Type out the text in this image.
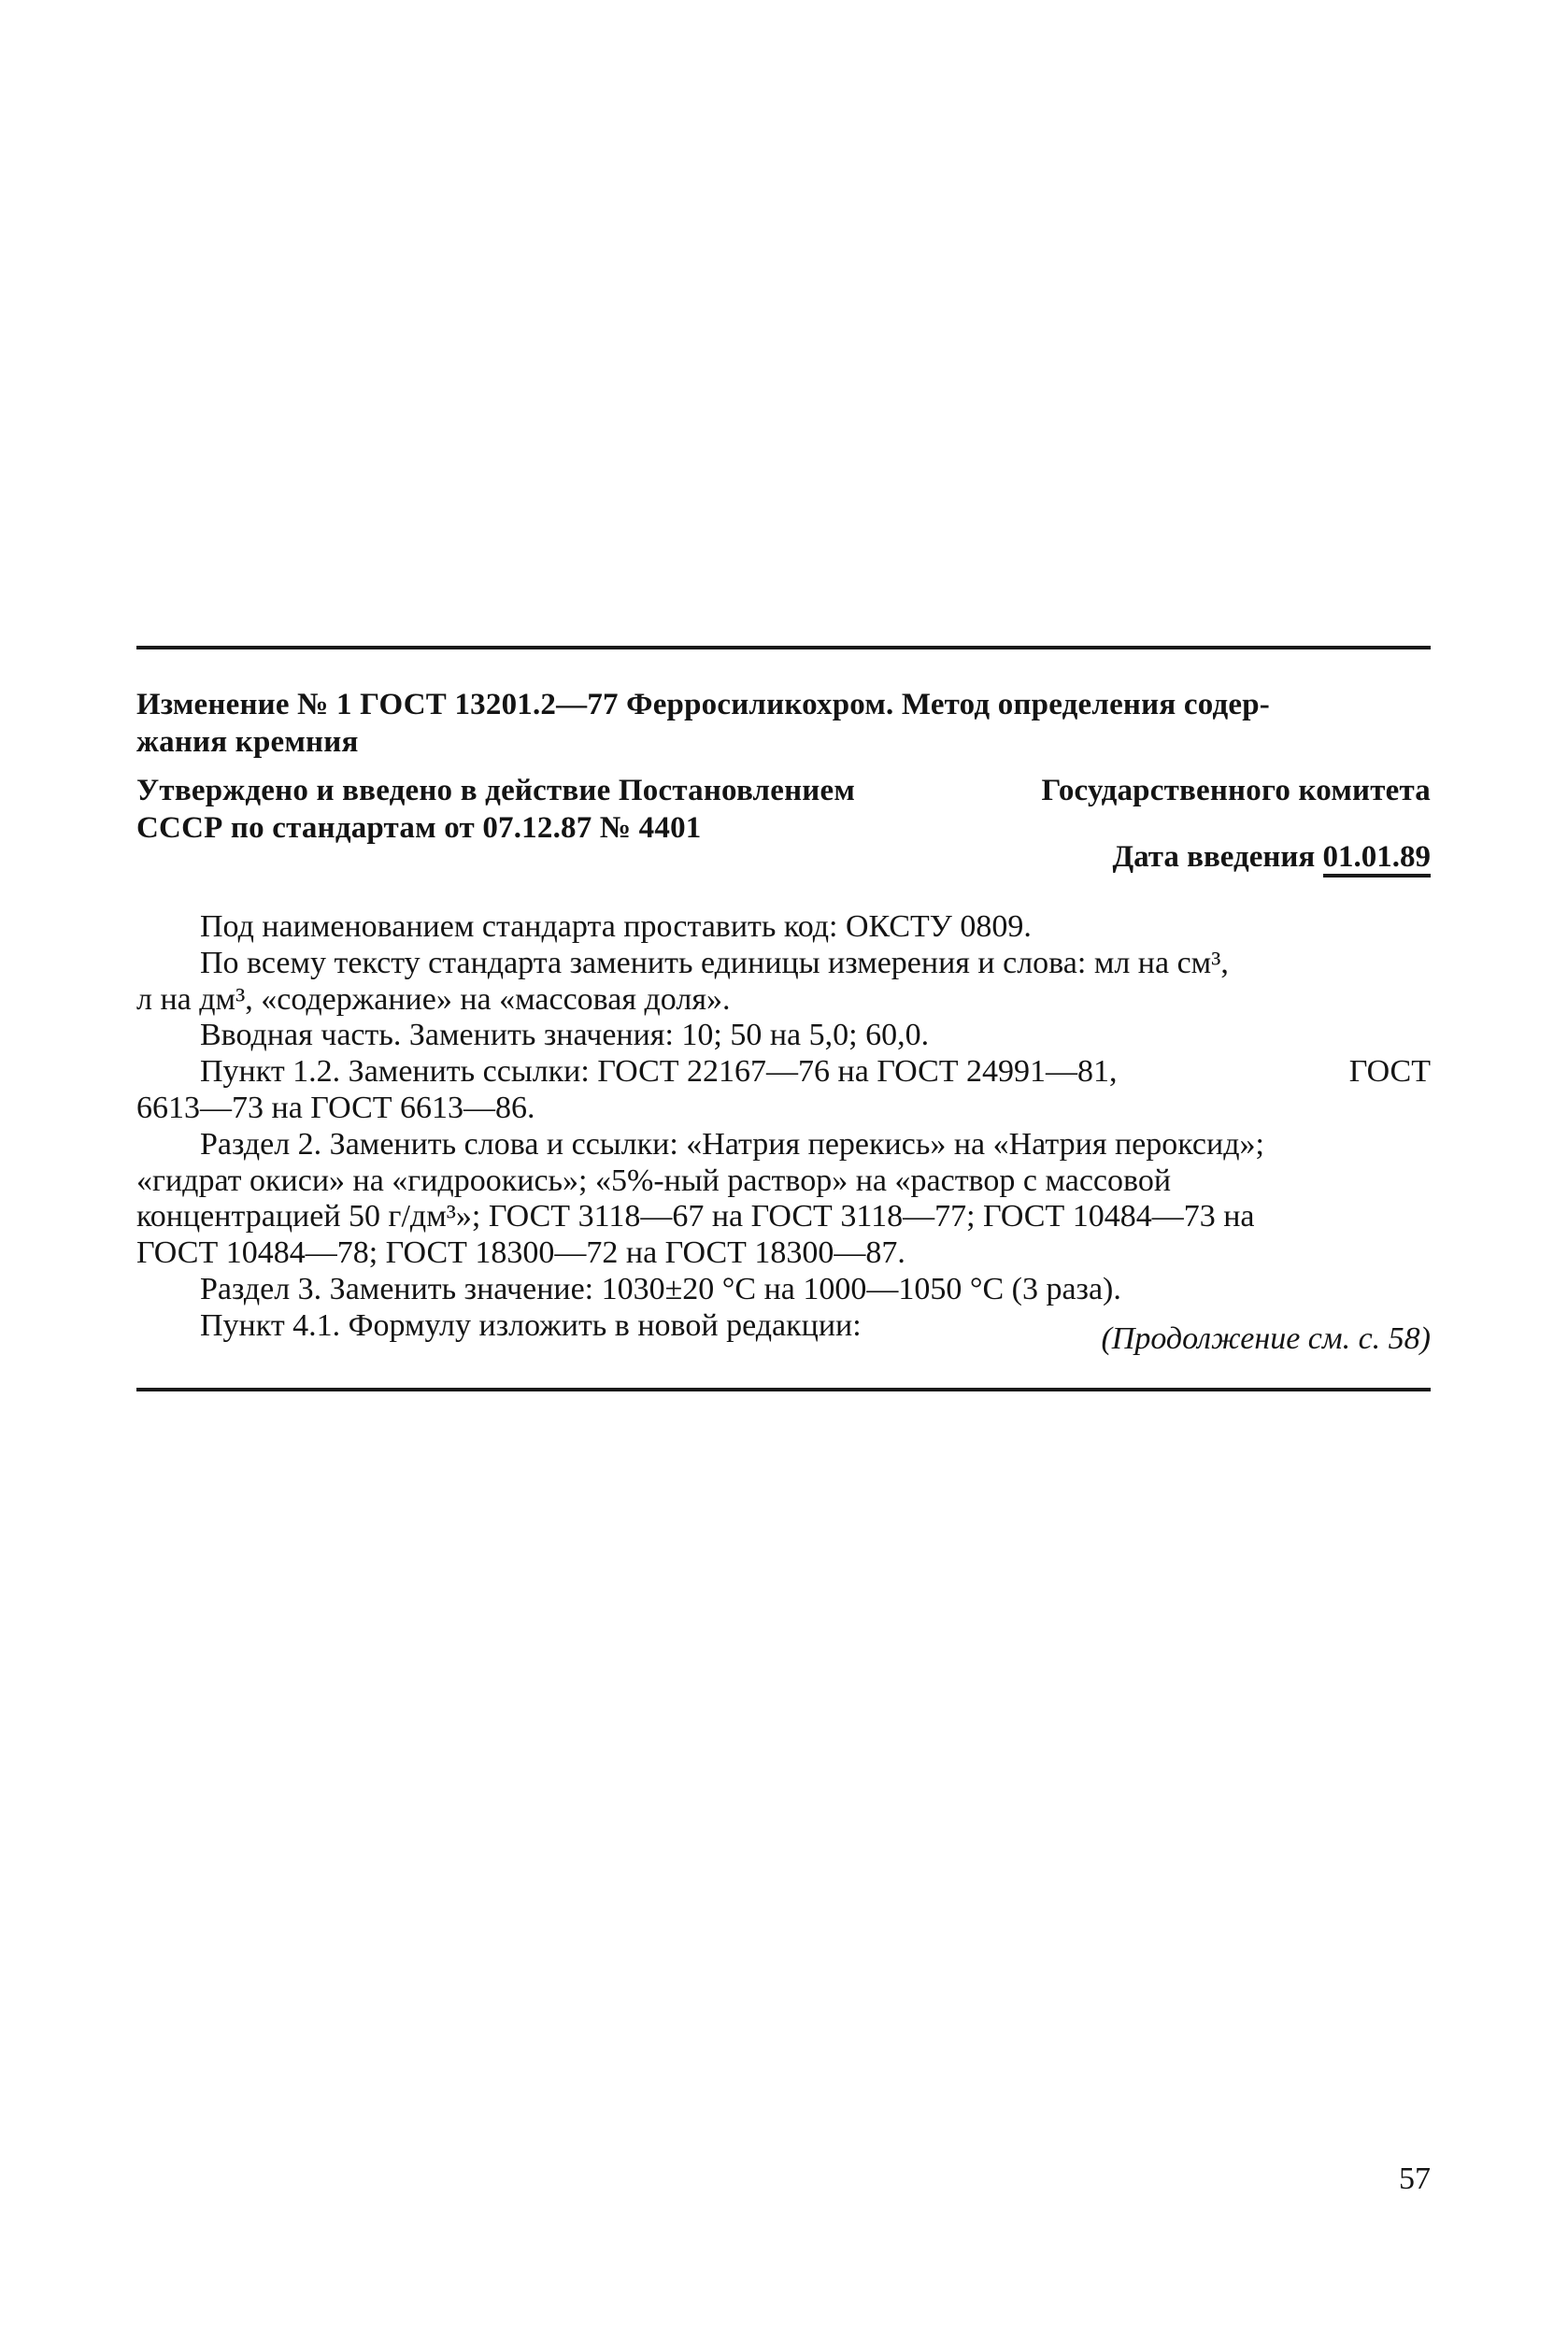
Изменение № 1 ГОСТ 13201.2—77 Ферросиликохром. Метод определения содер-
жания кремния
Утверждено и введено в действие Постановлением	Государственного комитета
СССР по стандартам от 07.12.87 № 4401
Дата введения 01.01.89
Под наименованием стандарта проставить код: ОКСТУ 0809.
По всему тексту стандарта заменить единицы измерения и слова: мл на см³,
л на дм³, «содержание» на «массовая доля».
Вводная часть. Заменить значения: 10; 50 на 5,0; 60,0.
Пункт 1.2. Заменить ссылки: ГОСТ 22167—76 на ГОСТ 24991—81,	ГОСТ
6613—73 на ГОСТ 6613—86.
Раздел 2. Заменить слова и ссылки: «Натрия перекись» на «Натрия пероксид»;
«гидрат окиси» на «гидроокись»; «5%-ный раствор» на «раствор с массовой
концентрацией 50 г/дм³»; ГОСТ 3118—67 на ГОСТ 3118—77; ГОСТ 10484—73 на
ГОСТ 10484—78; ГОСТ 18300—72 на ГОСТ 18300—87.
Раздел 3. Заменить значение: 1030±20 °С на 1000—1050 °С (3 раза).
Пункт 4.1. Формулу изложить в новой редакции:	(Продолжение см. с. 58)
57
